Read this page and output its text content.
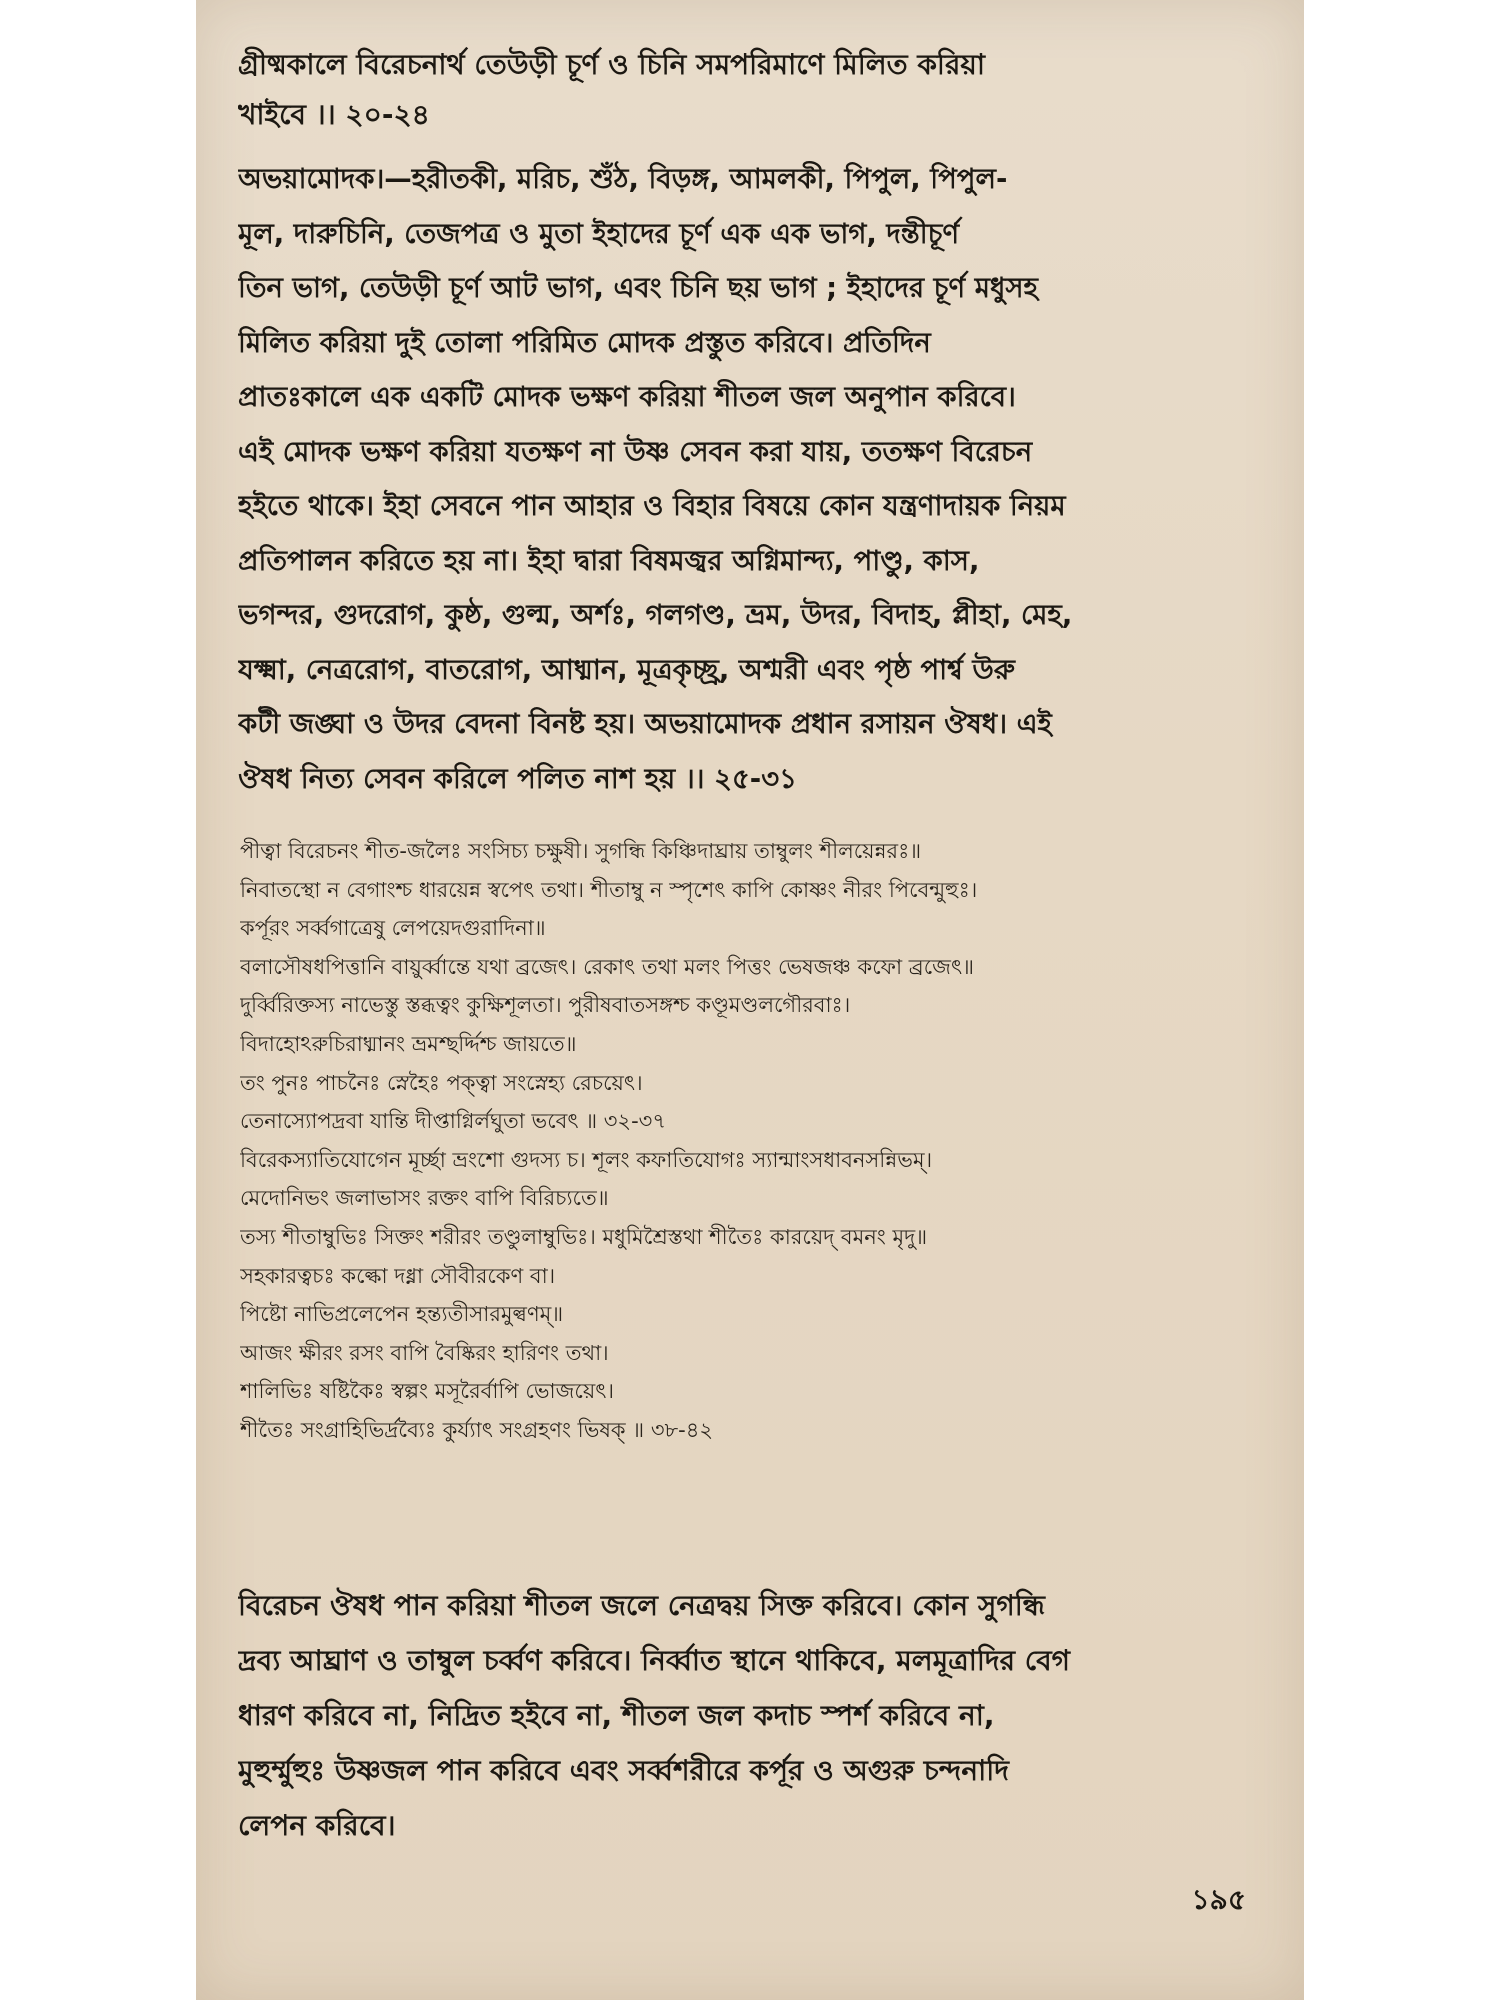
গ্রীষ্মকালে বিরেচনার্থ তেউড়ী চূর্ণ ও চিনি সমপরিমাণে মিলিত করিয়া
খাইবে ।। ২০-২৪
অভয়ামোদক।—হরীতকী, মরিচ, শুঁঠ, বিড়ঙ্গ, আমলকী, পিপুল, পিপুল-
মূল, দারুচিনি, তেজপত্র ও মুতা ইহাদের চূর্ণ এক এক ভাগ, দন্তীচূর্ণ
তিন ভাগ, তেউড়ী চূর্ণ আট ভাগ, এবং চিনি ছয় ভাগ ; ইহাদের চূর্ণ মধুসহ
মিলিত করিয়া দুই তোলা পরিমিত মোদক প্রস্তুত করিবে। প্রতিদিন
প্রাতঃকালে এক একটি মোদক ভক্ষণ করিয়া শীতল জল অনুপান করিবে।
এই মোদক ভক্ষণ করিয়া যতক্ষণ না উষ্ণ সেবন করা যায়, ততক্ষণ বিরেচন
হইতে থাকে। ইহা সেবনে পান আহার ও বিহার বিষয়ে কোন যন্ত্রণাদায়ক নিয়ম
প্রতিপালন করিতে হয় না। ইহা দ্বারা বিষমজ্বর অগ্নিমান্দ্য, পাণ্ডু, কাস,
ভগন্দর, গুদরোগ, কুষ্ঠ, গুল্ম, অর্শঃ, গলগণ্ড, ভ্রম, উদর, বিদাহ, প্লীহা, মেহ,
যক্ষ্মা, নেত্ররোগ, বাতরোগ, আধ্মান, মূত্রকৃচ্ছ্র, অশ্মরী এবং পৃষ্ঠ পার্শ্ব উরু
কটী জঙ্ঘা ও উদর বেদনা বিনষ্ট হয়। অভয়ামোদক প্রধান রসায়ন ঔষধ। এই
ঔষধ নিত্য সেবন করিলে পলিত নাশ হয় ।। ২৫-৩১
পীত্বা বিরেচনং শীত-জলৈঃ সংসিচ্য চক্ষুষী। সুগন্ধি কিঞ্চিদাঘ্রায় তাম্বুলং শীলয়েন্নরঃ॥
নিবাতস্থো ন বেগাংশ্চ ধারয়েন্ন স্বপেৎ তথা। শীতাম্বু ন স্পৃশেৎ কাপি কোষ্ণং নীরং পিবেন্মুহুঃ।
কর্পূরং সর্ব্বগাত্রেষু লেপয়েদগুরাদিনা॥
বলাসৌষধপিত্তানি বায়ুর্ব্বান্তে যথা ব্রজেৎ। রেকাৎ তথা মলং পিত্তং ভেষজঞ্চ কফো ব্রজেৎ॥
দুর্ব্বিরিক্তস্য নাভেস্তু স্তব্ধত্বং কুক্ষিশূলতা। পুরীষবাতসঙ্গশ্চ কণ্ডূমণ্ডলগৌরবাঃ।
বিদাহোঽরুচিরাধ্মানং ভ্রমশ্ছর্দ্দিশ্চ জায়তে॥
তং পুনঃ পাচনৈঃ স্নেহৈঃ পক্ত্বা সংস্নেহ্য রেচয়েৎ।
তেনাস্যোপদ্রবা যান্তি দীপ্তাগ্নির্লঘুতা ভবেৎ ॥ ৩২-৩৭
বিরেকস্যাতিযোগেন মূর্চ্ছা ভ্রংশো গুদস্য চ। শূলং কফাতিযোগঃ স্যান্মাংসধাবনসন্নিভম্।
মেদোনিভং জলাভাসং রক্তং বাপি বিরিচ্যতে॥
তস্য শীতাম্বুভিঃ সিক্তং শরীরং তণ্ডুলাম্বুভিঃ। মধুমিশ্রৈস্তথা শীতৈঃ কারয়েদ্ বমনং মৃদু॥
সহকারত্বচঃ কল্কো দধ্না সৌবীরকেণ বা।
পিষ্টো নাভিপ্রলেপেন হন্ত্যতীসারমুল্বণম্॥
আজং ক্ষীরং রসং বাপি বৈষ্কিরং হারিণং তথা।
শালিভিঃ ষষ্টিকৈঃ স্বল্পং মসূরৈর্বাপি ভোজয়েৎ।
শীতৈঃ সংগ্রাহিভির্দ্রব্যৈঃ কুর্য্যাৎ সংগ্রহণং ভিষক্ ॥ ৩৮-৪২
বিরেচন ঔষধ পান করিয়া শীতল জলে নেত্রদ্বয় সিক্ত করিবে। কোন সুগন্ধি
দ্রব্য আঘ্রাণ ও তাম্বুল চর্ব্বণ করিবে। নির্ব্বাত স্থানে থাকিবে, মলমূত্রাদির বেগ
ধারণ করিবে না, নিদ্রিত হইবে না, শীতল জল কদাচ স্পর্শ করিবে না,
মুহুর্ম্মুহুঃ উষ্ণজল পান করিবে এবং সর্ব্বশরীরে কর্পূর ও অগুরু চন্দনাদি
লেপন করিবে।
১৯৫
